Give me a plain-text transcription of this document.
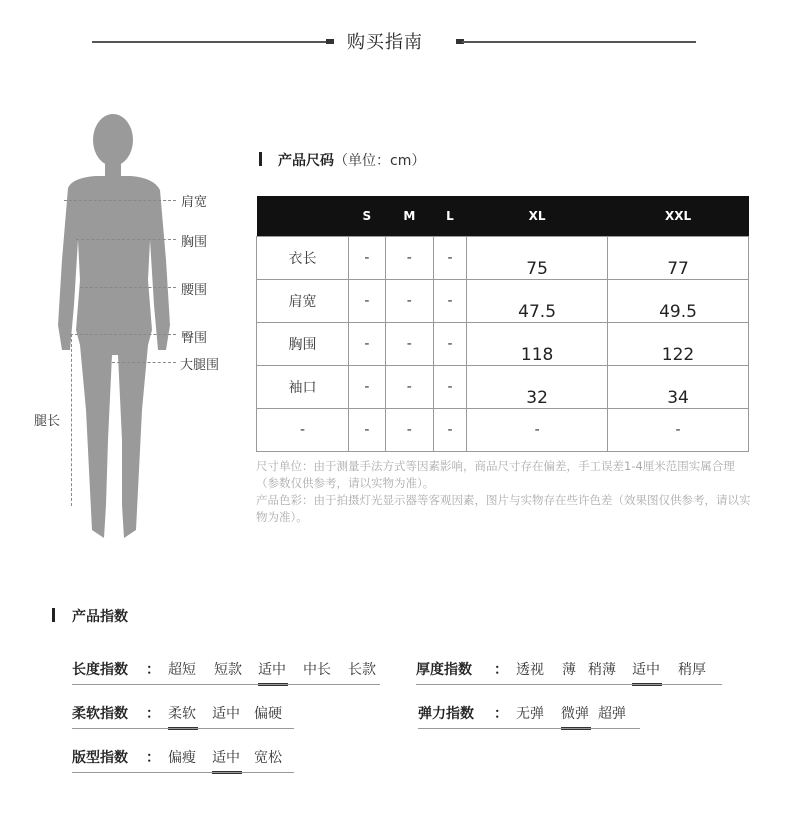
购买指南
肩宽
胸围
腰围
臀围
大腿围
腿长
产品尺码（单位：cm）
	S	M	L	XL	XXL
衣长	-	-	-	75	77
肩宽	-	-	-	47.5	49.5
胸围	-	-	-	118	122
袖口	-	-	-	32	34
-	-	-	-	-	-
尺寸单位：由于测量手法方式等因素影响，商品尺寸存在偏差，手工误差1-4厘米范围实属合理（参数仅供参考，请以实物为准）。
产品色彩：由于拍摄灯光显示器等客观因素，图片与实物存在些许色差（效果图仅供参考，请以实物为准）。
产品指数
长度指数 ： 超短 短款 适中 中长 长款	厚度指数 ： 透视 薄 稍薄 适中 稍厚
柔软指数 ： 柔软 适中 偏硬	弹力指数 ： 无弹 微弹 超弹
版型指数 ： 偏瘦 适中 宽松
